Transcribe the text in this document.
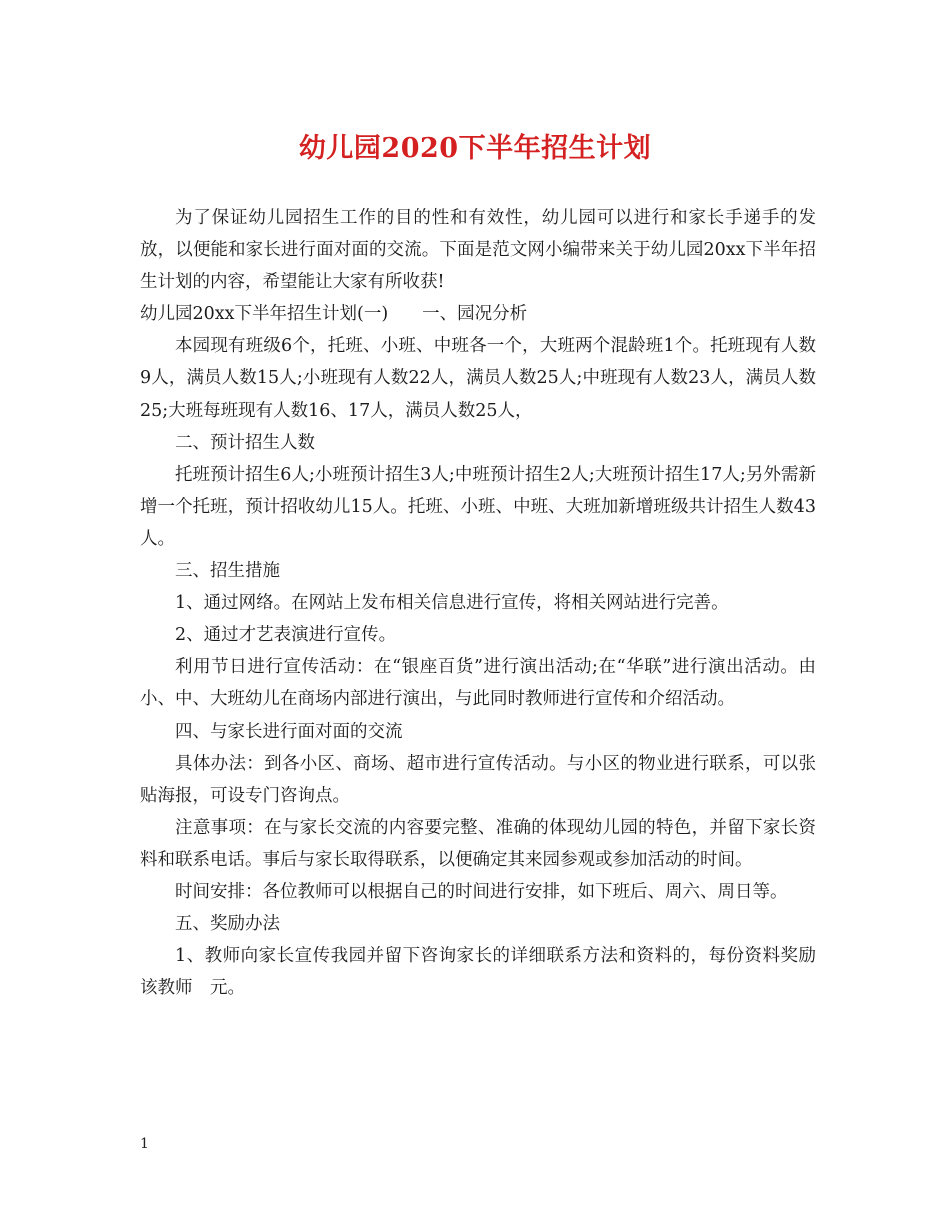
幼儿园2020下半年招生计划

为了保证幼儿园招生工作的目的性和有效性，幼儿园可以进行和家长手递手的发放，以便能和家长进行面对面的交流。下面是范文网小编带来关于幼儿园20xx下半年招生计划的内容，希望能让大家有所收获!

幼儿园20xx下半年招生计划(一) 一、园况分析

本园现有班级6个，托班、小班、中班各一个，大班两个混龄班1个。托班现有人数9人，满员人数15人;小班现有人数22人，满员人数25人;中班现有人数23人，满员人数25;大班每班现有人数16、17人，满员人数25人，

二、预计招生人数

托班预计招生6人;小班预计招生3人;中班预计招生2人;大班预计招生17人;另外需新增一个托班，预计招收幼儿15人。托班、小班、中班、大班加新增班级共计招生人数43人。

三、招生措施

1、通过网络。在网站上发布相关信息进行宣传，将相关网站进行完善。

2、通过才艺表演进行宣传。

利用节日进行宣传活动：在“银座百货”进行演出活动;在“华联”进行演出活动。由小、中、大班幼儿在商场内部进行演出，与此同时教师进行宣传和介绍活动。

四、与家长进行面对面的交流

具体办法：到各小区、商场、超市进行宣传活动。与小区的物业进行联系，可以张贴海报，可设专门咨询点。

注意事项：在与家长交流的内容要完整、准确的体现幼儿园的特色，并留下家长资料和联系电话。事后与家长取得联系，以便确定其来园参观或参加活动的时间。

时间安排：各位教师可以根据自己的时间进行安排，如下班后、周六、周日等。

五、奖励办法

1、教师向家长宣传我园并留下咨询家长的详细联系方法和资料的，每份资料奖励该教师　元。

1
